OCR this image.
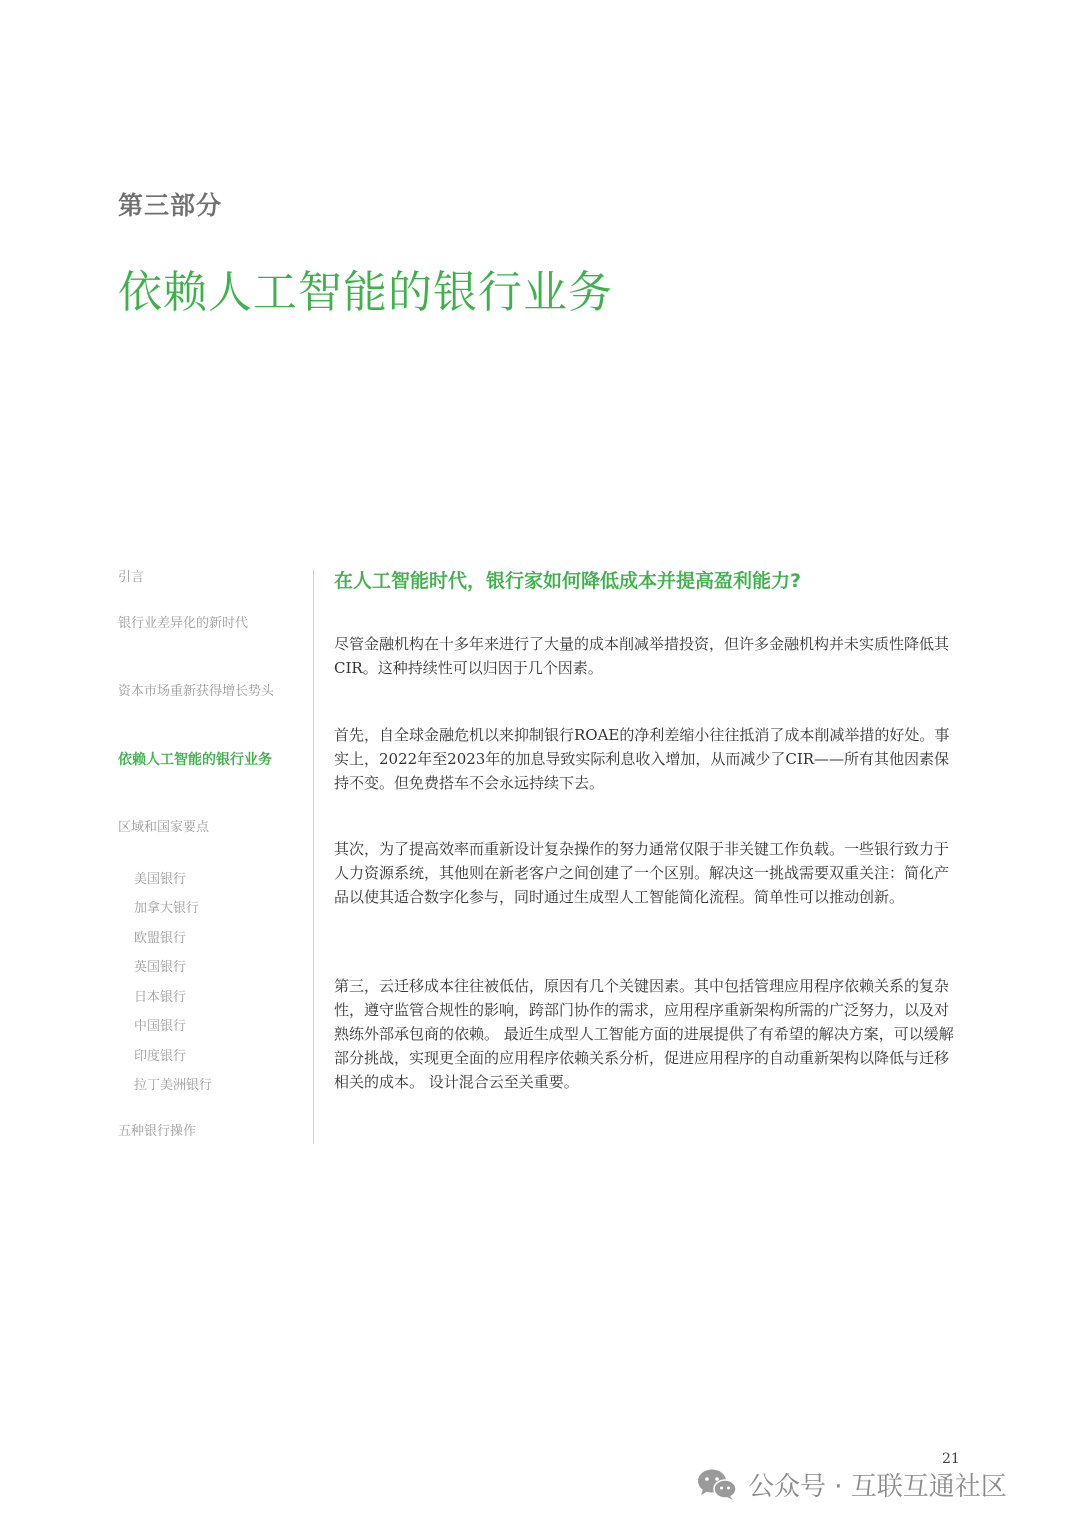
第三部分
依赖人工智能的银行业务
引言
银行业差异化的新时代
资本市场重新获得增长势头
依赖人工智能的银行业务
区域和国家要点
美国银行
加拿大银行
欧盟银行
英国银行
日本银行
中国银行
印度银行
拉丁美洲银行
五种银行操作
在人工智能时代，银行家如何降低成本并提高盈利能力?

尽管金融机构在十多年来进行了大量的成本削减举措投资，但许多金融机构并未实质性降低其CIR。这种持续性可以归因于几个因素。

首先，自全球金融危机以来抑制银行ROAE的净利差缩小往往抵消了成本削减举措的好处。事实上，2022年至2023年的加息导致实际利息收入增加，从而减少了CIR——所有其他因素保持不变。但免费搭车不会永远持续下去。

其次，为了提高效率而重新设计复杂操作的努力通常仅限于非关键工作负载。一些银行致力于人力资源系统，其他则在新老客户之间创建了一个区别。解决这一挑战需要双重关注：简化产品以使其适合数字化参与，同时通过生成型人工智能简化流程。简单性可以推动创新。

第三，云迁移成本往往被低估，原因有几个关键因素。其中包括管理应用程序依赖关系的复杂性，遵守监管合规性的影响，跨部门协作的需求，应用程序重新架构所需的广泛努力，以及对熟练外部承包商的依赖。 最近生成型人工智能方面的进展提供了有希望的解决方案，可以缓解部分挑战，实现更全面的应用程序依赖关系分析，促进应用程序的自动重新架构以降低与迁移相关的成本。 设计混合云至关重要。

21
公众号 · 互联互通社区
